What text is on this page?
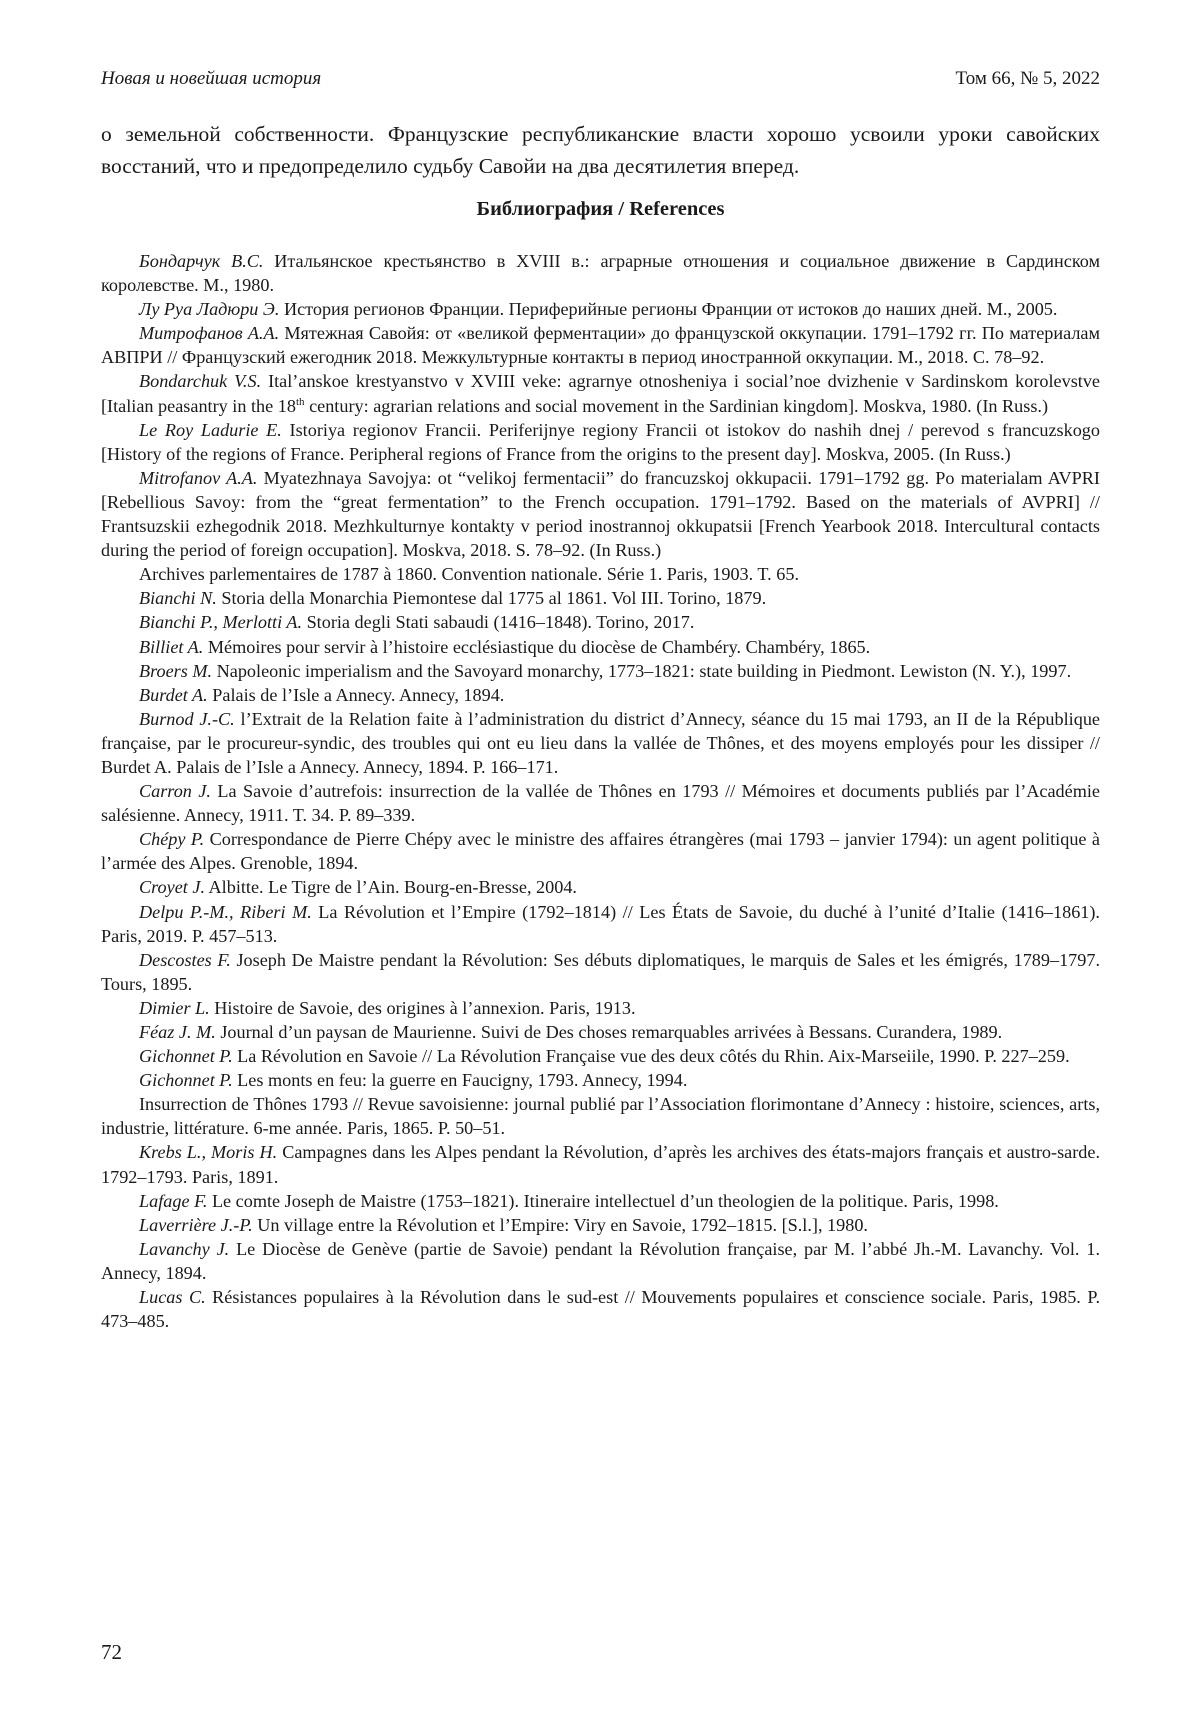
Новая и новейшая история	Том 66, № 5, 2022

о земельной собственности. Французские республиканские власти хорошо усвоили уроки савойских восстаний, что и предопределило судьбу Савойи на два десятилетия вперед.

Библиография / References

Бондарчук В.С. Итальянское крестьянство в XVIII в.: аграрные отношения и социальное движение в Сардинском королевстве. М., 1980.

Лу Руа Ладюри Э. История регионов Франции. Периферийные регионы Франции от истоков до наших дней. М., 2005.

Митрофанов А.А. Мятежная Савойя: от «великой ферментации» до французской оккупации. 1791–1792 гг. По материалам АВПРИ // Французский ежегодник 2018. Межкультурные контакты в период иностранной оккупации. М., 2018. С. 78–92.

Bondarchuk V.S. Ital’anskoe krestyanstvo v XVIII veke: agrarnye otnosheniya i social’noe dvizhenie v Sardinskom korolevstve [Italian peasantry in the 18th century: agrarian relations and social movement in the Sardinian kingdom]. Moskva, 1980. (In Russ.)

Le Roy Ladurie E. Istoriya regionov Francii. Periferijnye regiony Francii ot istokov do nashih dnej / perevod s francuzskogo [History of the regions of France. Peripheral regions of France from the origins to the present day]. Moskva, 2005. (In Russ.)

Mitrofanov A.A. Myatezhnaya Savojya: ot “velikoj fermentacii” do francuzskoj okkupacii. 1791–1792 gg. Po materialam AVPRI [Rebellious Savoy: from the “great fermentation” to the French occupation. 1791–1792. Based on the materials of AVPRI] // Frantsuzskii ezhegodnik 2018. Mezhkulturnye kontakty v period inostrannoj okkupatsii [French Yearbook 2018. Intercultural contacts during the period of foreign occupation]. Moskva, 2018. S. 78–92. (In Russ.)

Archives parlementaires de 1787 à 1860. Convention nationale. Série 1. Paris, 1903. T. 65.

Bianchi N. Storia della Monarchia Piemontese dal 1775 al 1861. Vol III. Torino, 1879.

Bianchi P., Merlotti A. Storia degli Stati sabaudi (1416–1848). Torino, 2017.

Billiet A. Mémoires pour servir à l’histoire ecclésiastique du diocèse de Chambéry. Chambéry, 1865.

Broers M. Napoleonic imperialism and the Savoyard monarchy, 1773–1821: state building in Piedmont. Lewiston (N. Y.), 1997.

Burdet A. Palais de l’Isle a Annecy. Annecy, 1894.

Burnod J.-C. l’Extrait de la Relation faite à l’administration du district d’Annecy, séance du 15 mai 1793, an II de la République française, par le procureur-syndic, des troubles qui ont eu lieu dans la vallée de Thônes, et des moyens employés pour les dissiper // Burdet A. Palais de l’Isle a Annecy. Annecy, 1894. P. 166–171.

Carron J. La Savoie d’autrefois: insurrection de la vallée de Thônes en 1793 // Mémoires et documents publiés par l’Académie salésienne. Annecy, 1911. T. 34. P. 89–339.

Chépy P. Correspondance de Pierre Chépy avec le ministre des affaires étrangères (mai 1793 – janvier 1794): un agent politique à l’armée des Alpes. Grenoble, 1894.

Croyet J. Albitte. Le Tigre de l’Ain. Bourg-en-Bresse, 2004.

Delpu P.-M., Riberi M. La Révolution et l’Empire (1792–1814) // Les États de Savoie, du duché à l’unité d’Italie (1416–1861). Paris, 2019. P. 457–513.

Descostes F. Joseph De Maistre pendant la Révolution: Ses débuts diplomatiques, le marquis de Sales et les émigrés, 1789–1797. Tours, 1895.

Dimier L. Histoire de Savoie, des origines à l’annexion. Paris, 1913.

Féaz J. M. Journal d’un paysan de Maurienne. Suivi de Des choses remarquables arrivées à Bessans. Curandera, 1989.

Gichonnet P. La Révolution en Savoie // La Révolution Française vue des deux côtés du Rhin. Aix-Marseiile, 1990. P. 227–259.

Gichonnet P. Les monts en feu: la guerre en Faucigny, 1793. Annecy, 1994.

Insurrection de Thônes 1793 // Revue savoisienne: journal publié par l’Association florimontane d’Annecy : histoire, sciences, arts, industrie, littérature. 6-me année. Paris, 1865. P. 50–51.

Krebs L., Moris H. Campagnes dans les Alpes pendant la Révolution, d’après les archives des états-majors français et austro-sarde. 1792–1793. Paris, 1891.

Lafage F. Le comte Joseph de Maistre (1753–1821). Itineraire intellectuel d’un theologien de la politique. Paris, 1998.

Laverrière J.-P. Un village entre la Révolution et l’Empire: Viry en Savoie, 1792–1815. [S.l.], 1980.

Lavanchy J. Le Diocèse de Genève (partie de Savoie) pendant la Révolution française, par M. l’abbé Jh.-M. Lavanchy. Vol. 1. Annecy, 1894.

Lucas C. Résistances populaires à la Révolution dans le sud-est // Mouvements populaires et conscience sociale. Paris, 1985. P. 473–485.

72
